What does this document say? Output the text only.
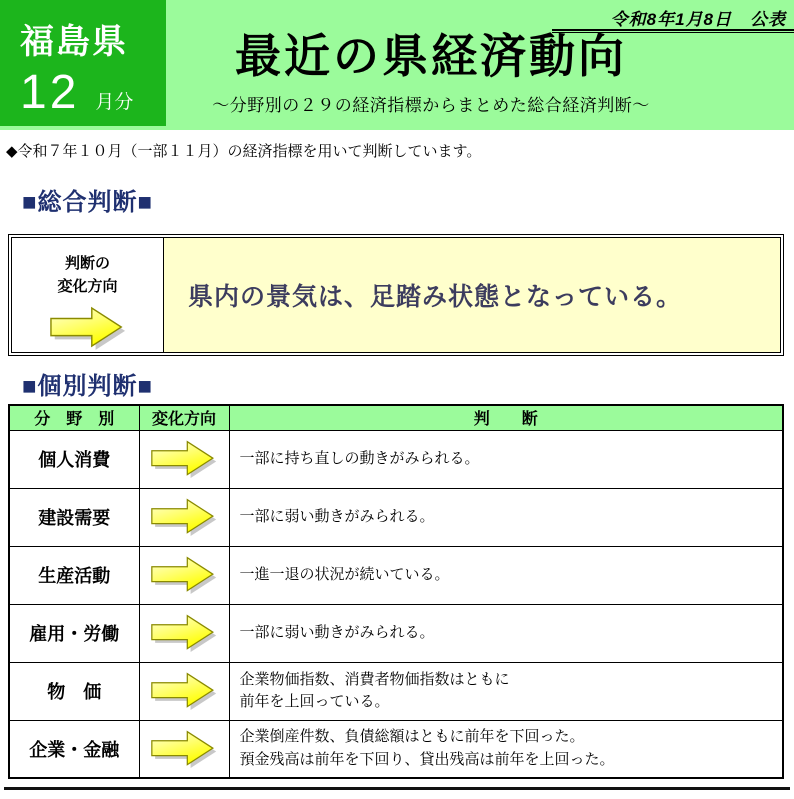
福島県
12 月分
令和8年1月8日　公表
最近の県経済動向
～分野別の２９の経済指標からまとめた総合経済判断～
◆令和７年１０月（一部１１月）の経済指標を用いて判断しています。
■総合判断■
判断の
変化方向	県内の景気は、足踏み状態となっている。
■個別判断■
分　野　別	変化方向	判　　断
個人消費		一部に持ち直しの動きがみられる。

建設需要		一部に弱い動きがみられる。

生産活動		一進一退の状況が続いている。

雇用・労働		一部に弱い動きがみられる。

物　価		企業物価指数、消費者物価指数はともに
前年を上回っている。

企業・金融		企業倒産件数、負債総額はともに前年を下回った。
預金残高は前年を下回り、貸出残高は前年を上回った。
